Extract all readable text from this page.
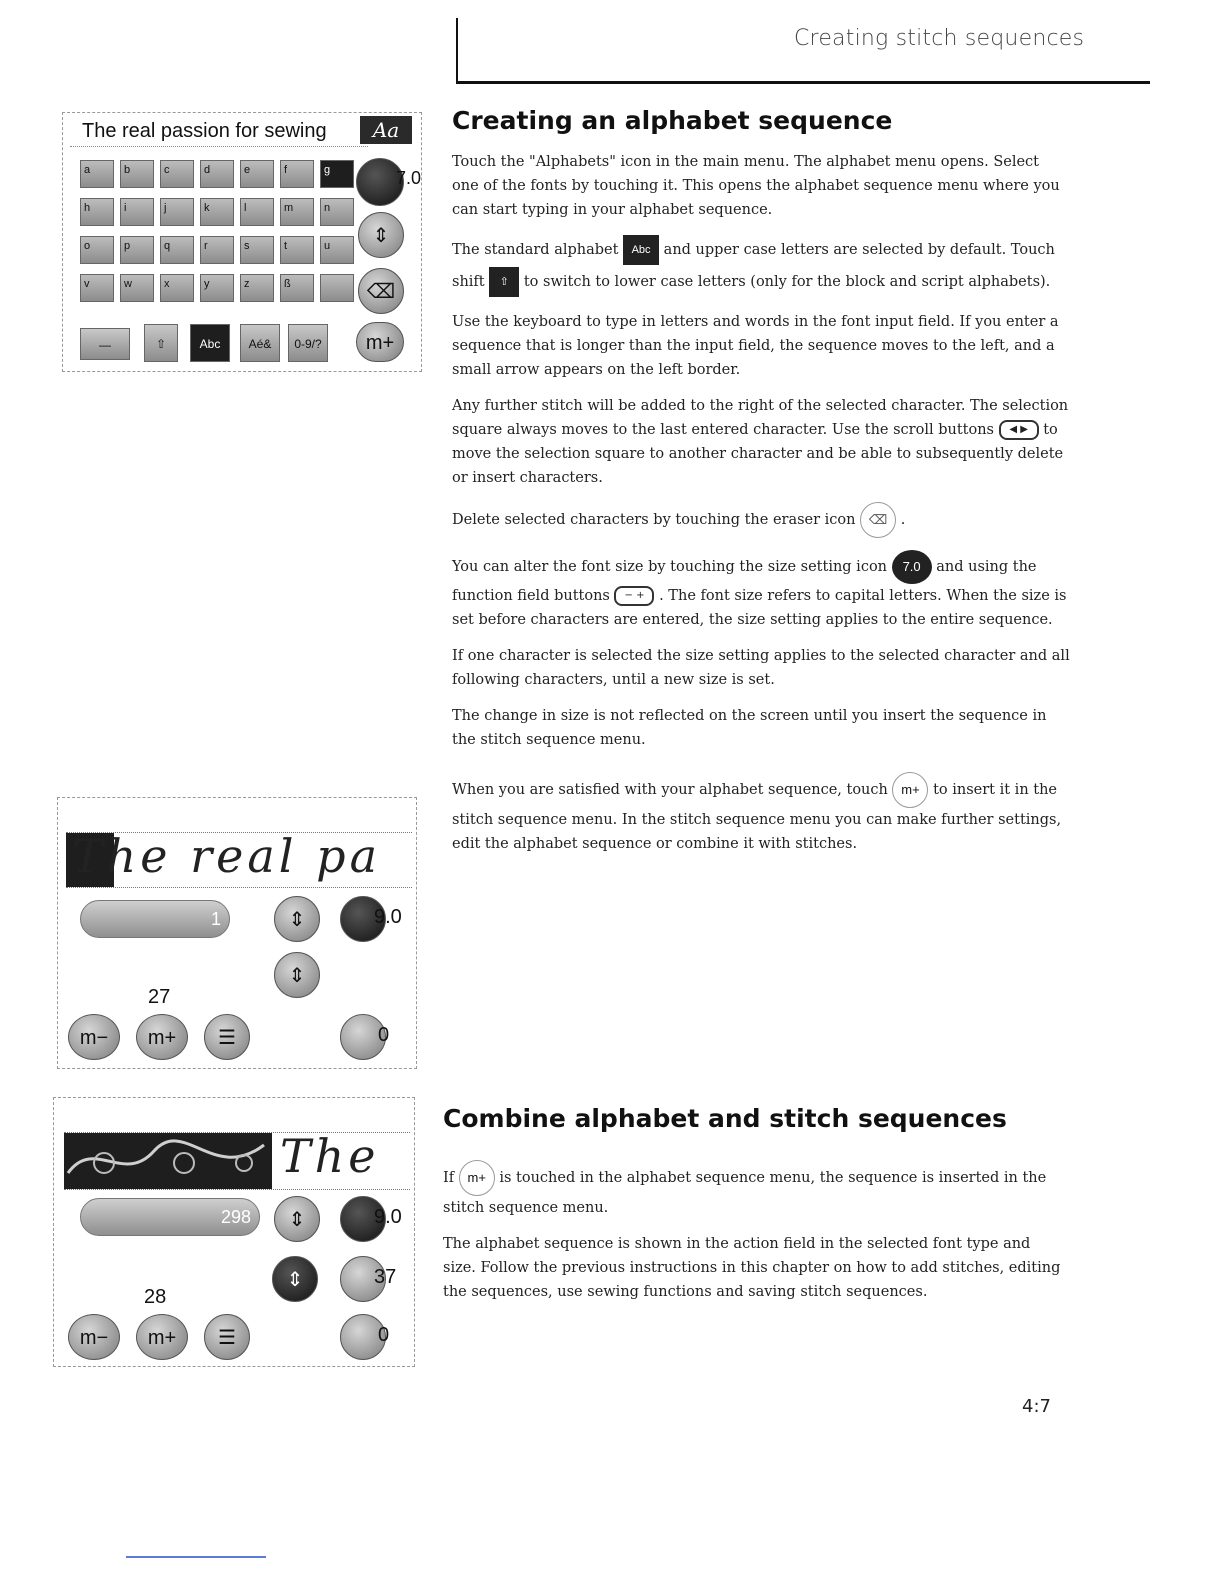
Creating stitch sequences
Creating an alphabet sequence

Touch the "Alphabets" icon in the main menu. The alphabet menu opens. Select one of the fonts by touching it. This opens the alphabet sequence menu where you can start typing in your alphabet sequence.

The standard alphabet Abc and upper case letters are selected by default. Touch shift ⇧ to switch to lower case letters (only for the block and script alphabets).

Use the keyboard to type in letters and words in the font input field. If you enter a sequence that is longer than the input field, the sequence moves to the left, and a small arrow appears on the left border.

Any further stitch will be added to the right of the selected character. The selection square always moves to the last entered character. Use the scroll buttons ◀ ▶ to move the selection square to another character and be able to subsequently delete or insert characters.

Delete selected characters by touching the eraser icon ⌫ .

You can alter the font size by touching the size setting icon 7.0 and using the function field buttons − + . The font size refers to capital letters. When the size is set before characters are entered, the size setting applies to the entire sequence.

If one character is selected the size setting applies to the selected character and all following characters, until a new size is set.

The change in size is not reflected on the screen until you insert the sequence in the stitch sequence menu.

When you are satisfied with your alphabet sequence, touch m+ to insert it in the stitch sequence menu. In the stitch sequence menu you can make further settings, edit the alphabet sequence or combine it with stitches.

Combine alphabet and stitch sequences

If m+ is touched in the alphabet sequence menu, the sequence is inserted in the stitch sequence menu.

The alphabet sequence is shown in the action field in the selected font type and size. Follow the previous instructions in this chapter on how to add stitches, editing the sequences, use sewing functions and saving stitch sequences.

The real passion for sewing	Aa
a	b	c	d	e	f	g
h	i	j	k	l	m	n
o	p	q	r	s	t	u
v	w	x	y	z	ß
7.0
⇕
⌫
—	⇧	Abc	Aé&	0-9/?	m+
The real pa
1	⇕	9.0
⇕
27
m−	m+	☰	0
The
298	⇕	9.0
⇕	37
28
m−	m+	☰	0
4:7
